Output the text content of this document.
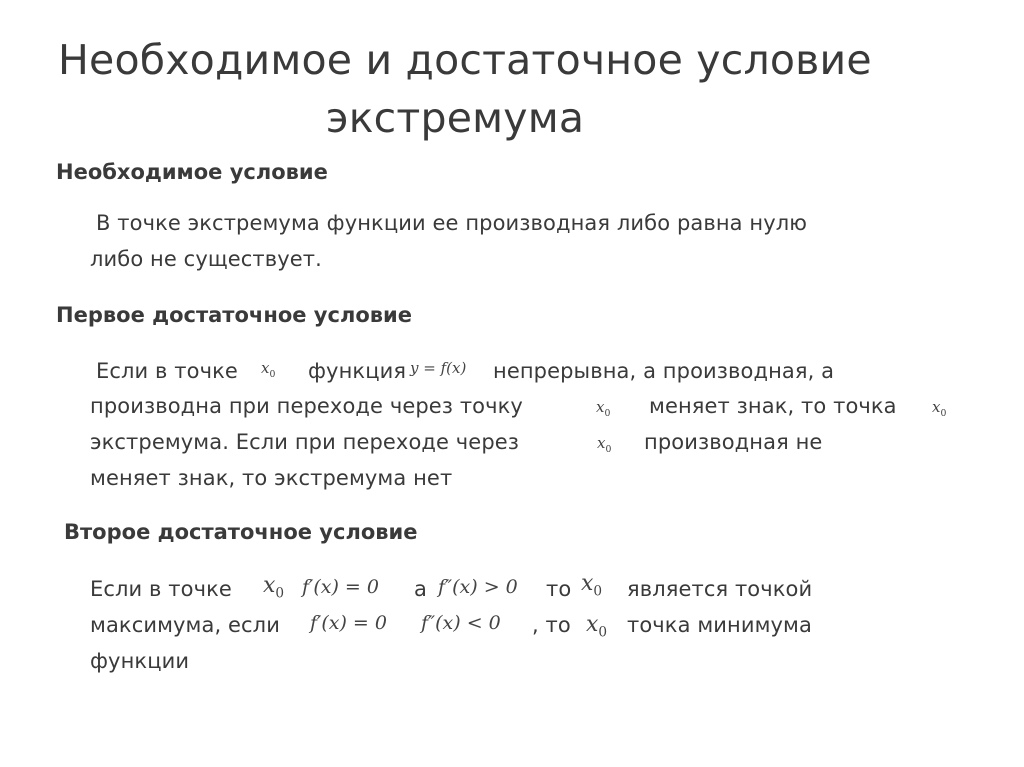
Необходимое и достаточное условие
экстремума
Необходимое условие
В точке экстремума функции ее производная либо равна нулю
либо не существует.
Первое достаточное условие
Если в точке $x_0$ функция y = f(x) непрерывна, а производная, а
производна при переходе через точку	$x_0$ меняет знак, то точка $x_0$
экстремума. Если при переходе через	$x_0$ производная не
меняет знак, то экстремума нет
Второе достаточное условие
Если в точке $x_0$ f′(x) = 0 а f″(x) > 0 то $x_0$ является точкой
максимума, если f′(x) = 0 f″(x) < 0 , то $x_0$ точка минимума
функции
